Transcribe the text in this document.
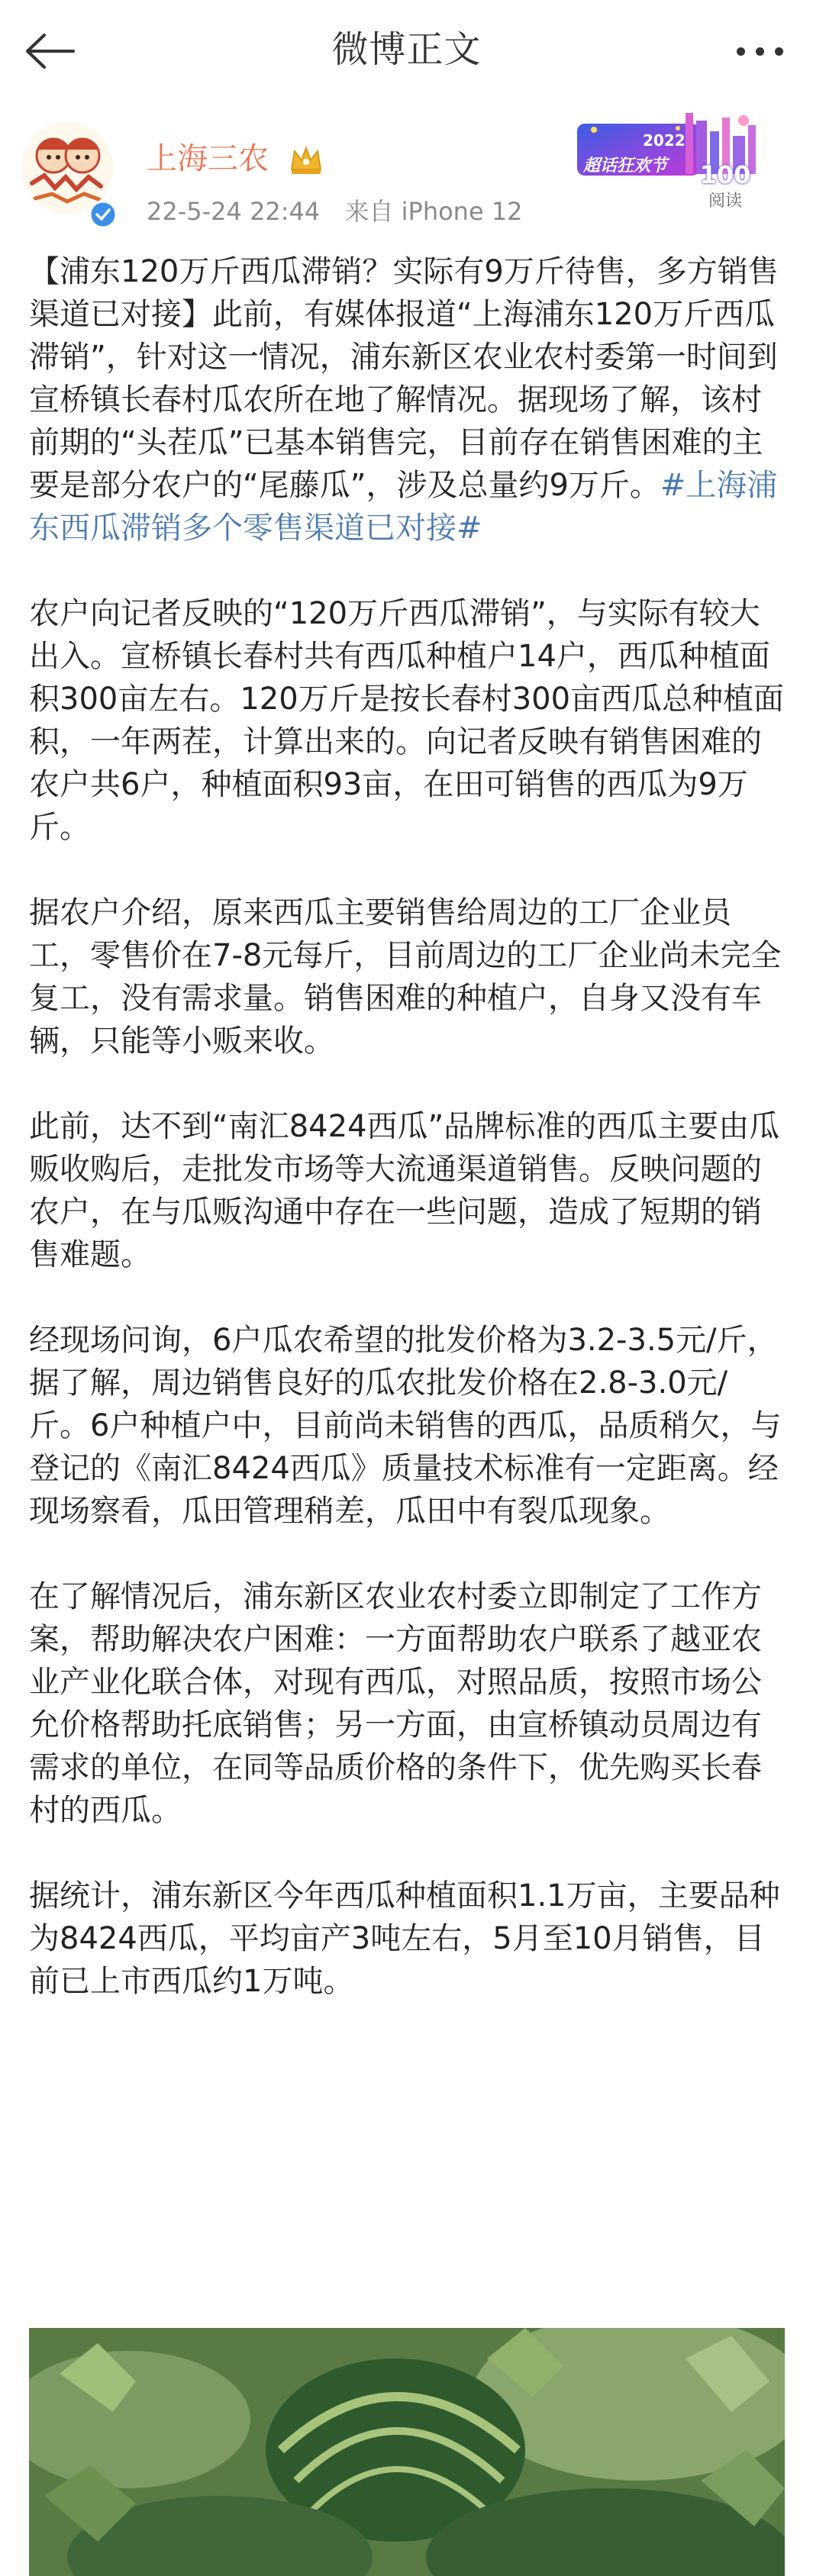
微博正文
上海三农
22-5-24 22:44 来自 iPhone 12
2022
超话狂欢节	100
阅读

【浦东120万斤西瓜滞销？实际有9万斤待售，多方销售渠道已对接】此前，有媒体报道“上海浦东120万斤西瓜滞销”，针对这一情况，浦东新区农业农村委第一时间到宣桥镇长春村瓜农所在地了解情况。据现场了解，该村前期的“头茬瓜”已基本销售完，目前存在销售困难的主要是部分农户的“尾藤瓜”，涉及总量约9万斤。#上海浦东西瓜滞销多个零售渠道已对接#

农户向记者反映的“120万斤西瓜滞销”，与实际有较大出入。宣桥镇长春村共有西瓜种植户14户，西瓜种植面积300亩左右。120万斤是按长春村300亩西瓜总种植面积，一年两茬，计算出来的。向记者反映有销售困难的农户共6户，种植面积93亩，在田可销售的西瓜为9万斤。

据农户介绍，原来西瓜主要销售给周边的工厂企业员工，零售价在7-8元每斤，目前周边的工厂企业尚未完全复工，没有需求量。销售困难的种植户，自身又没有车辆，只能等小贩来收。

此前，达不到“南汇8424西瓜”品牌标准的西瓜主要由瓜贩收购后，走批发市场等大流通渠道销售。反映问题的农户，在与瓜贩沟通中存在一些问题，造成了短期的销售难题。

经现场问询，6户瓜农希望的批发价格为3.2-3.5元/斤，据了解，周边销售良好的瓜农批发价格在2.8-3.0元/斤。6户种植户中，目前尚未销售的西瓜，品质稍欠，与登记的《南汇8424西瓜》质量技术标准有一定距离。经现场察看，瓜田管理稍差，瓜田中有裂瓜现象。

在了解情况后，浦东新区农业农村委立即制定了工作方案，帮助解决农户困难：一方面帮助农户联系了越亚农业产业化联合体，对现有西瓜，对照品质，按照市场公允价格帮助托底销售；另一方面，由宣桥镇动员周边有需求的单位，在同等品质价格的条件下，优先购买长春村的西瓜。

据统计，浦东新区今年西瓜种植面积1.1万亩，主要品种为8424西瓜，平均亩产3吨左右，5月至10月销售，目前已上市西瓜约1万吨。
